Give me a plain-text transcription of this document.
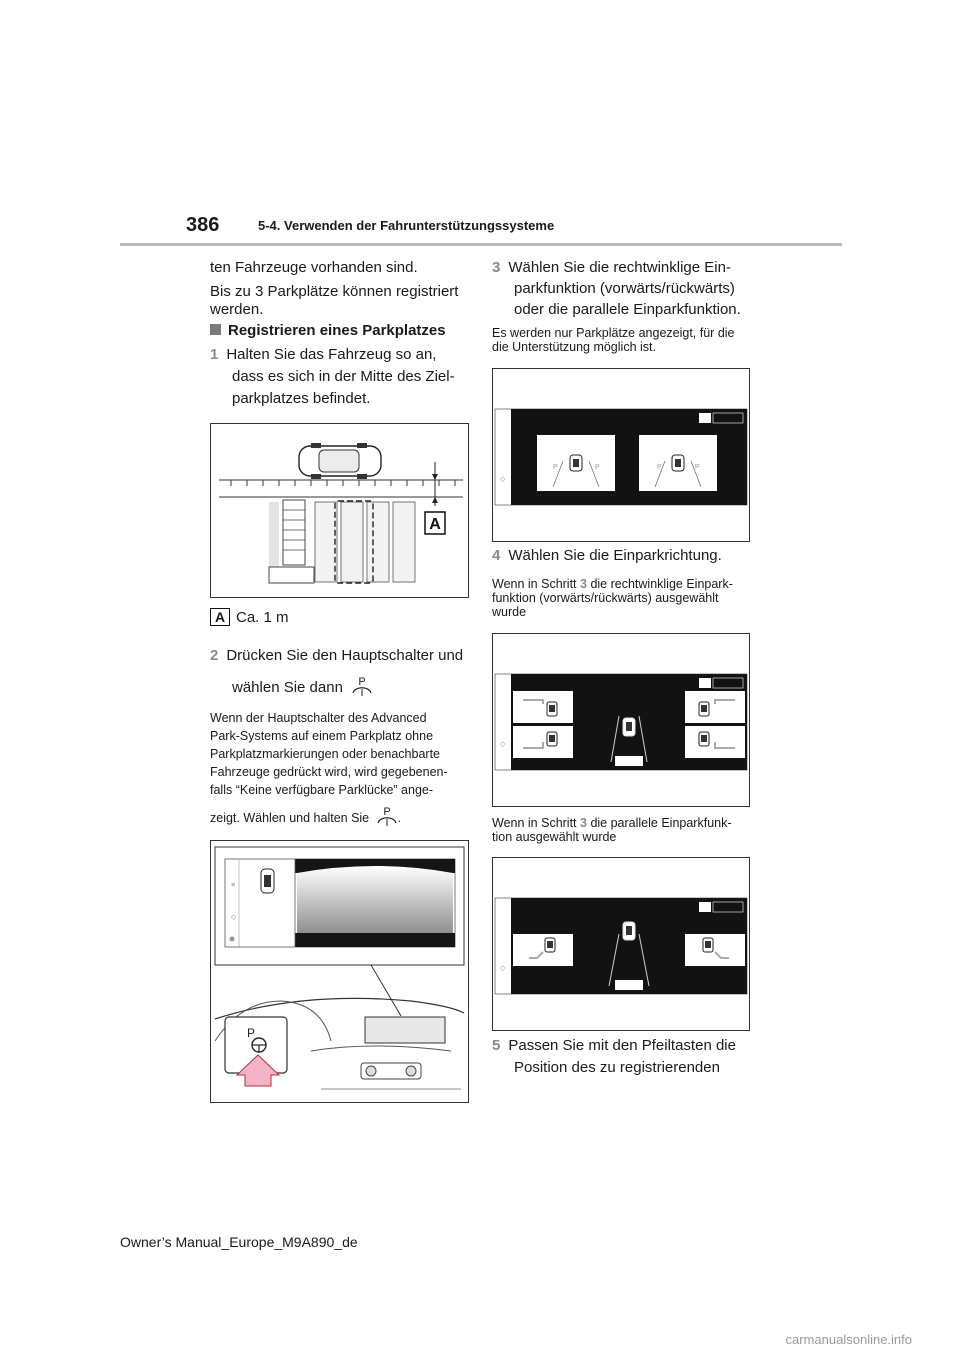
386	5-4. Verwenden der Fahrunterstützungssysteme
ten Fahrzeuge vorhanden sind.
Bis zu 3 Parkplätze können registriert
werden.
Registrieren eines Parkplatzes
1 Halten Sie das Fahrzeug so an,
dass es sich in der Mitte des Ziel-
parkplatzes befindet.
A
A Ca. 1 m
2 Drücken Sie den Hauptschalter und
wählen Sie dann P
Wenn der Hauptschalter des Advanced
Park-Systems auf einem Parkplatz ohne
Parkplatzmarkierungen oder benachbarte
Fahrzeuge gedrückt wird, wird gegebenen-
falls “Keine verfügbare Parklücke” ange-
zeigt. Wählen und halten Sie P .
≡
◇
P
3 Wählen Sie die rechtwinklige Ein-
parkfunktion (vorwärts/rückwärts)
oder die parallele Einparkfunktion.
Es werden nur Parkplätze angezeigt, für die
die Unterstützung möglich ist.
◇
P	P	P	P
4 Wählen Sie die Einparkrichtung.
Wenn in Schritt 3 die rechtwinklige Einpark-
funktion (vorwärts/rückwärts) ausgewählt
wurde
◇
Wenn in Schritt 3 die parallele Einparkfunk-
tion ausgewählt wurde
◇
5 Passen Sie mit den Pfeiltasten die
Position des zu registrierenden
Owner’s Manual_Europe_M9A890_de
carmanualsonline.info
